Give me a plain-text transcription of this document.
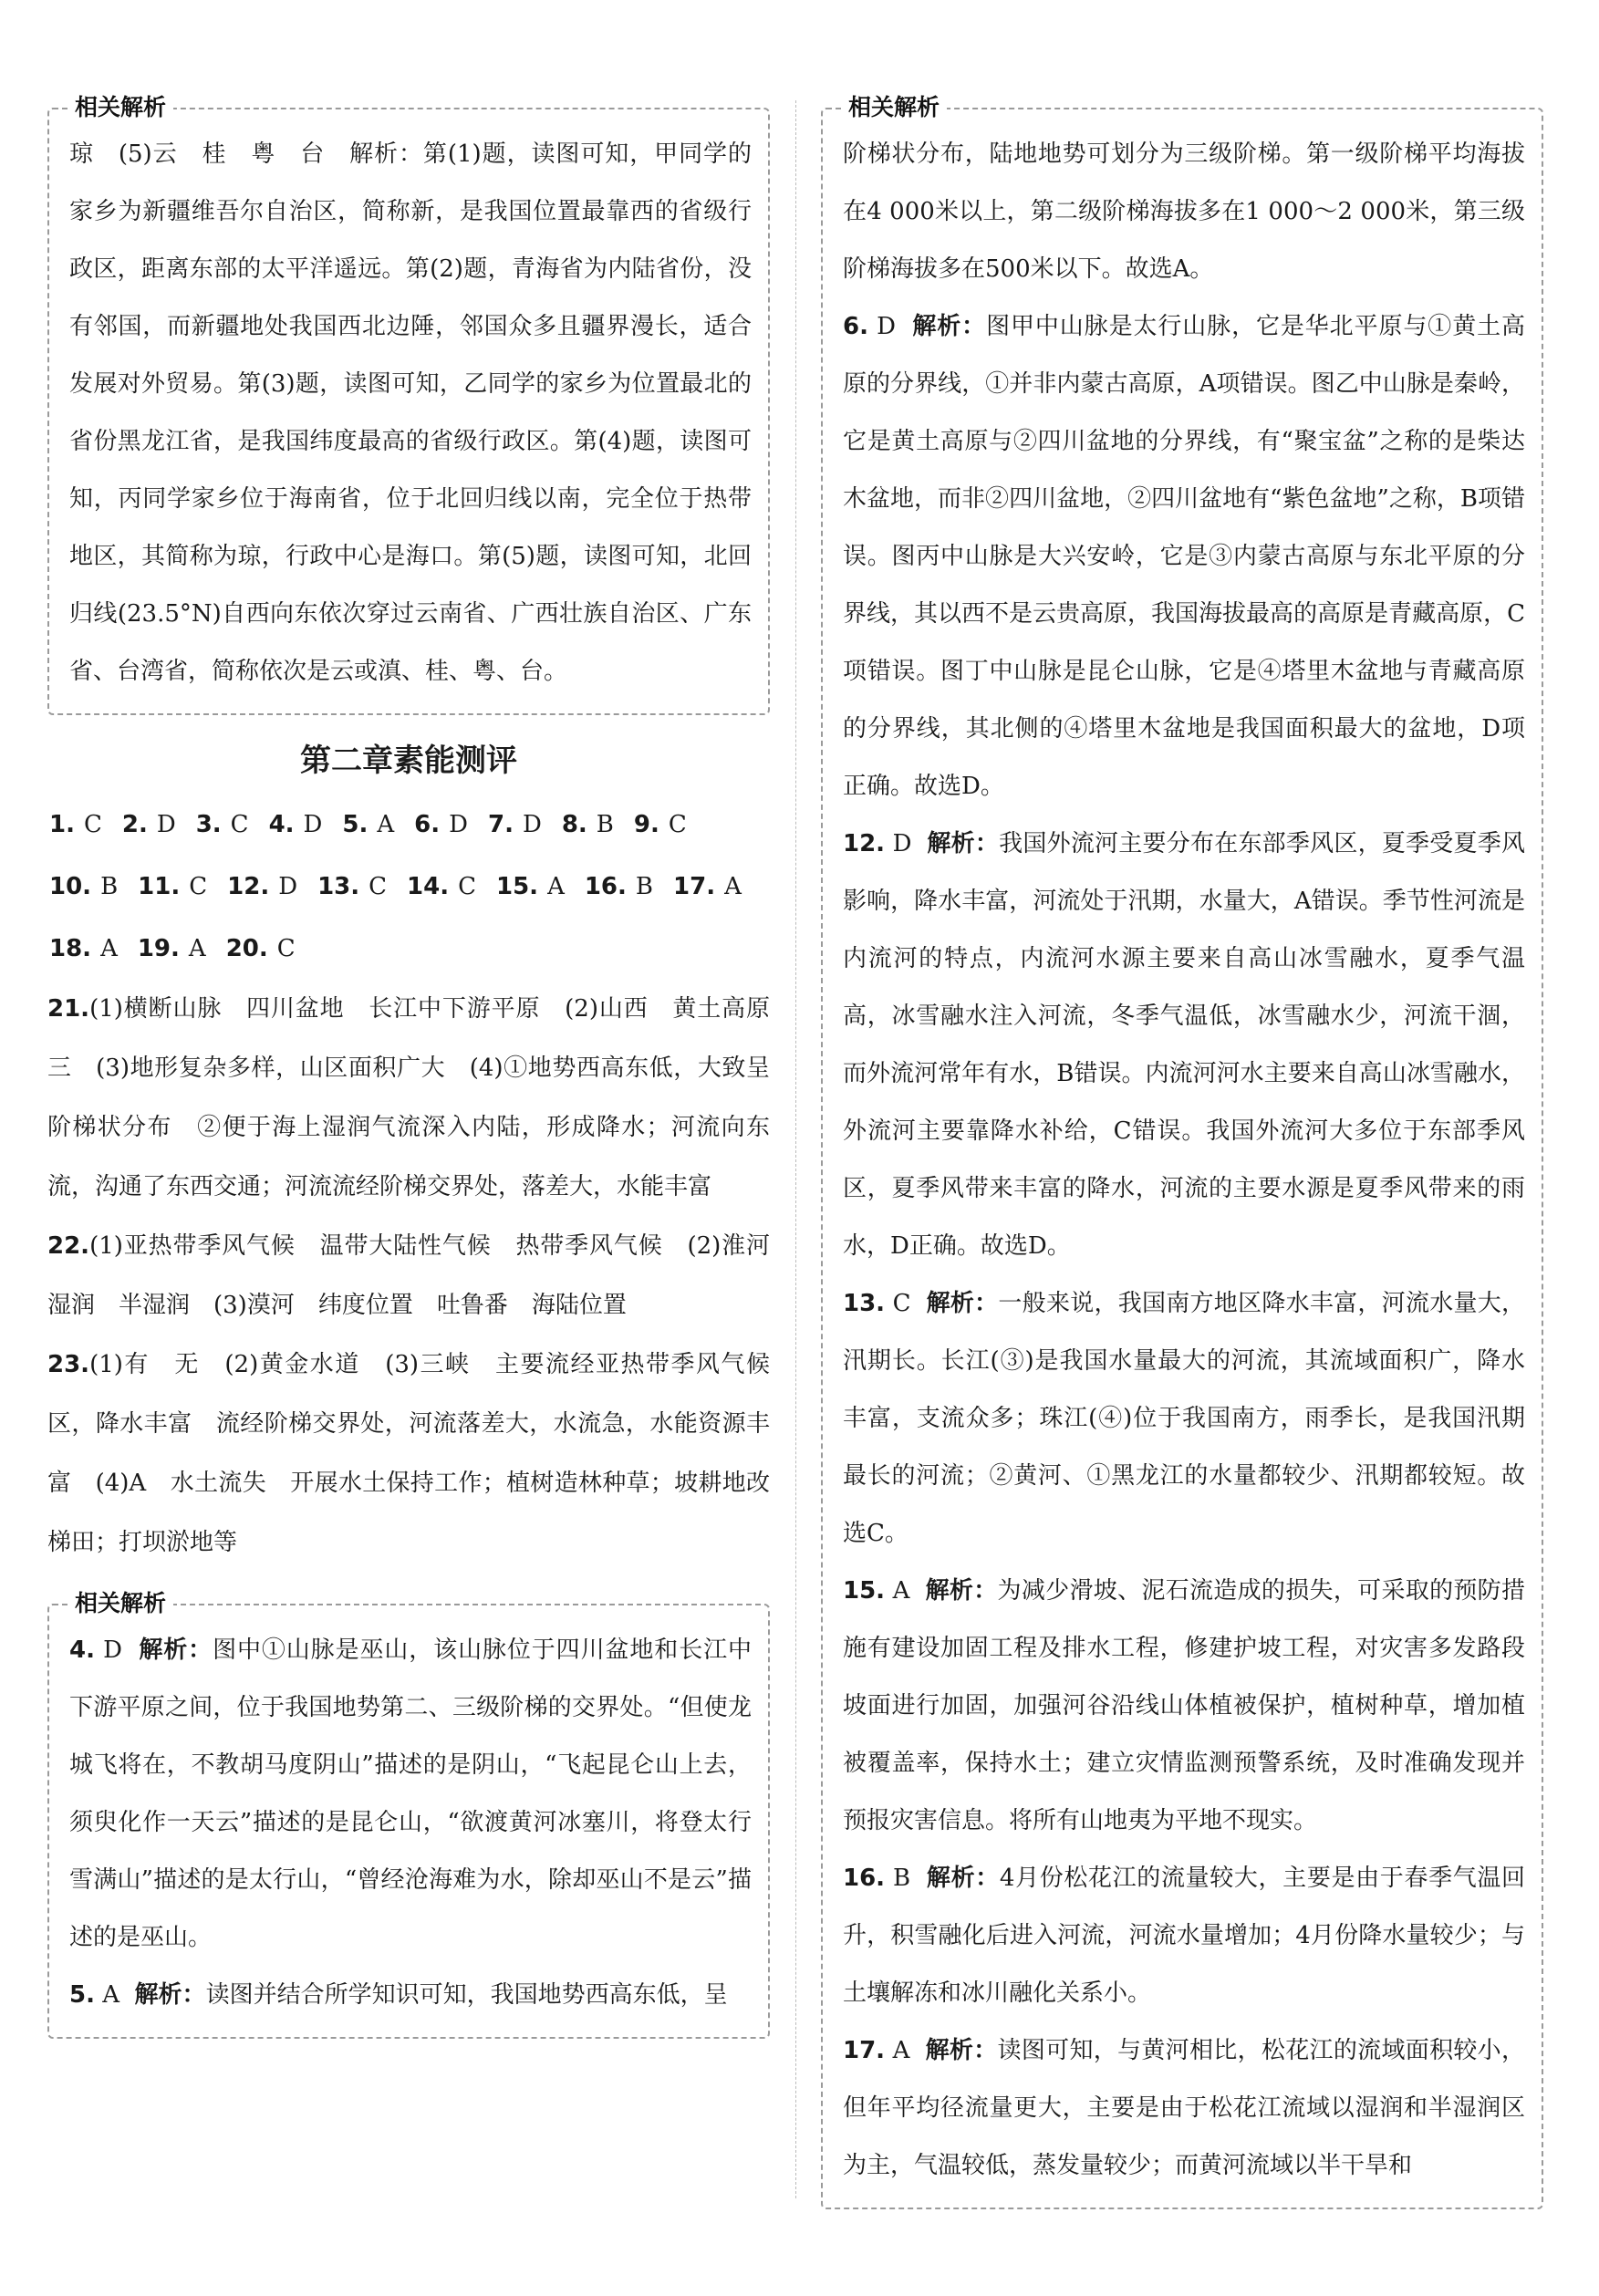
相关解析

琼　(5)云　桂　粤　台　解析：第(1)题，读图可知，甲同学的家乡为新疆维吾尔自治区，简称新，是我国位置最靠西的省级行政区，距离东部的太平洋遥远。第(2)题，青海省为内陆省份，没有邻国，而新疆地处我国西北边陲，邻国众多且疆界漫长，适合发展对外贸易。第(3)题，读图可知，乙同学的家乡为位置最北的省份黑龙江省，是我国纬度最高的省级行政区。第(4)题，读图可知，丙同学家乡位于海南省，位于北回归线以南，完全位于热带地区，其简称为琼，行政中心是海口。第(5)题，读图可知，北回归线(23.5°N)自西向东依次穿过云南省、广西壮族自治区、广东省、台湾省，简称依次是云或滇、桂、粤、台。

第二章素能测评

1. C 2. D 3. C 4. D 5. A 6. D 7. D 8. B 9. C10. B 11. C 12. D 13. C 14. C 15. A 16. B 17. A18. A 19. A 20. C

21.(1)横断山脉　四川盆地　长江中下游平原　(2)山西　黄土高原　三　(3)地形复杂多样，山区面积广大　(4)①地势西高东低，大致呈阶梯状分布　②便于海上湿润气流深入内陆，形成降水；河流向东流，沟通了东西交通；河流流经阶梯交界处，落差大，水能丰富

22.(1)亚热带季风气候　温带大陆性气候　热带季风气候　(2)淮河　湿润　半湿润　(3)漠河　纬度位置　吐鲁番　海陆位置

23.(1)有　无　(2)黄金水道　(3)三峡　主要流经亚热带季风气候区，降水丰富　流经阶梯交界处，河流落差大，水流急，水能资源丰富　(4)A　水土流失　开展水土保持工作；植树造林种草；坡耕地改梯田；打坝淤地等

相关解析

4. D 解析：图中①山脉是巫山，该山脉位于四川盆地和长江中下游平原之间，位于我国地势第二、三级阶梯的交界处。“但使龙城飞将在，不教胡马度阴山”描述的是阴山，“飞起昆仑山上去，须臾化作一天云”描述的是昆仑山，“欲渡黄河冰塞川，将登太行雪满山”描述的是太行山，“曾经沧海难为水，除却巫山不是云”描述的是巫山。

5. A 解析：读图并结合所学知识可知，我国地势西高东低，呈

相关解析

阶梯状分布，陆地地势可划分为三级阶梯。第一级阶梯平均海拔在4 000米以上，第二级阶梯海拔多在1 000～2 000米，第三级阶梯海拔多在500米以下。故选A。

6. D 解析：图甲中山脉是太行山脉，它是华北平原与①黄土高原的分界线，①并非内蒙古高原，A项错误。图乙中山脉是秦岭，它是黄土高原与②四川盆地的分界线，有“聚宝盆”之称的是柴达木盆地，而非②四川盆地，②四川盆地有“紫色盆地”之称，B项错误。图丙中山脉是大兴安岭，它是③内蒙古高原与东北平原的分界线，其以西不是云贵高原，我国海拔最高的高原是青藏高原，C项错误。图丁中山脉是昆仑山脉，它是④塔里木盆地与青藏高原的分界线，其北侧的④塔里木盆地是我国面积最大的盆地，D项正确。故选D。

12. D 解析：我国外流河主要分布在东部季风区，夏季受夏季风影响，降水丰富，河流处于汛期，水量大，A错误。季节性河流是内流河的特点，内流河水源主要来自高山冰雪融水，夏季气温高，冰雪融水注入河流，冬季气温低，冰雪融水少，河流干涸，而外流河常年有水，B错误。内流河河水主要来自高山冰雪融水，外流河主要靠降水补给，C错误。我国外流河大多位于东部季风区，夏季风带来丰富的降水，河流的主要水源是夏季风带来的雨水，D正确。故选D。

13. C 解析：一般来说，我国南方地区降水丰富，河流水量大，汛期长。长江(③)是我国水量最大的河流，其流域面积广，降水丰富，支流众多；珠江(④)位于我国南方，雨季长，是我国汛期最长的河流；②黄河、①黑龙江的水量都较少、汛期都较短。故选C。

15. A 解析：为减少滑坡、泥石流造成的损失，可采取的预防措施有建设加固工程及排水工程，修建护坡工程，对灾害多发路段坡面进行加固，加强河谷沿线山体植被保护，植树种草，增加植被覆盖率，保持水土；建立灾情监测预警系统，及时准确发现并预报灾害信息。将所有山地夷为平地不现实。

16. B 解析：4月份松花江的流量较大，主要是由于春季气温回升，积雪融化后进入河流，河流水量增加；4月份降水量较少；与土壤解冻和冰川融化关系小。

17. A 解析：读图可知，与黄河相比，松花江的流域面积较小，但年平均径流量更大，主要是由于松花江流域以湿润和半湿润区为主，气温较低，蒸发量较少；而黄河流域以半干旱和
